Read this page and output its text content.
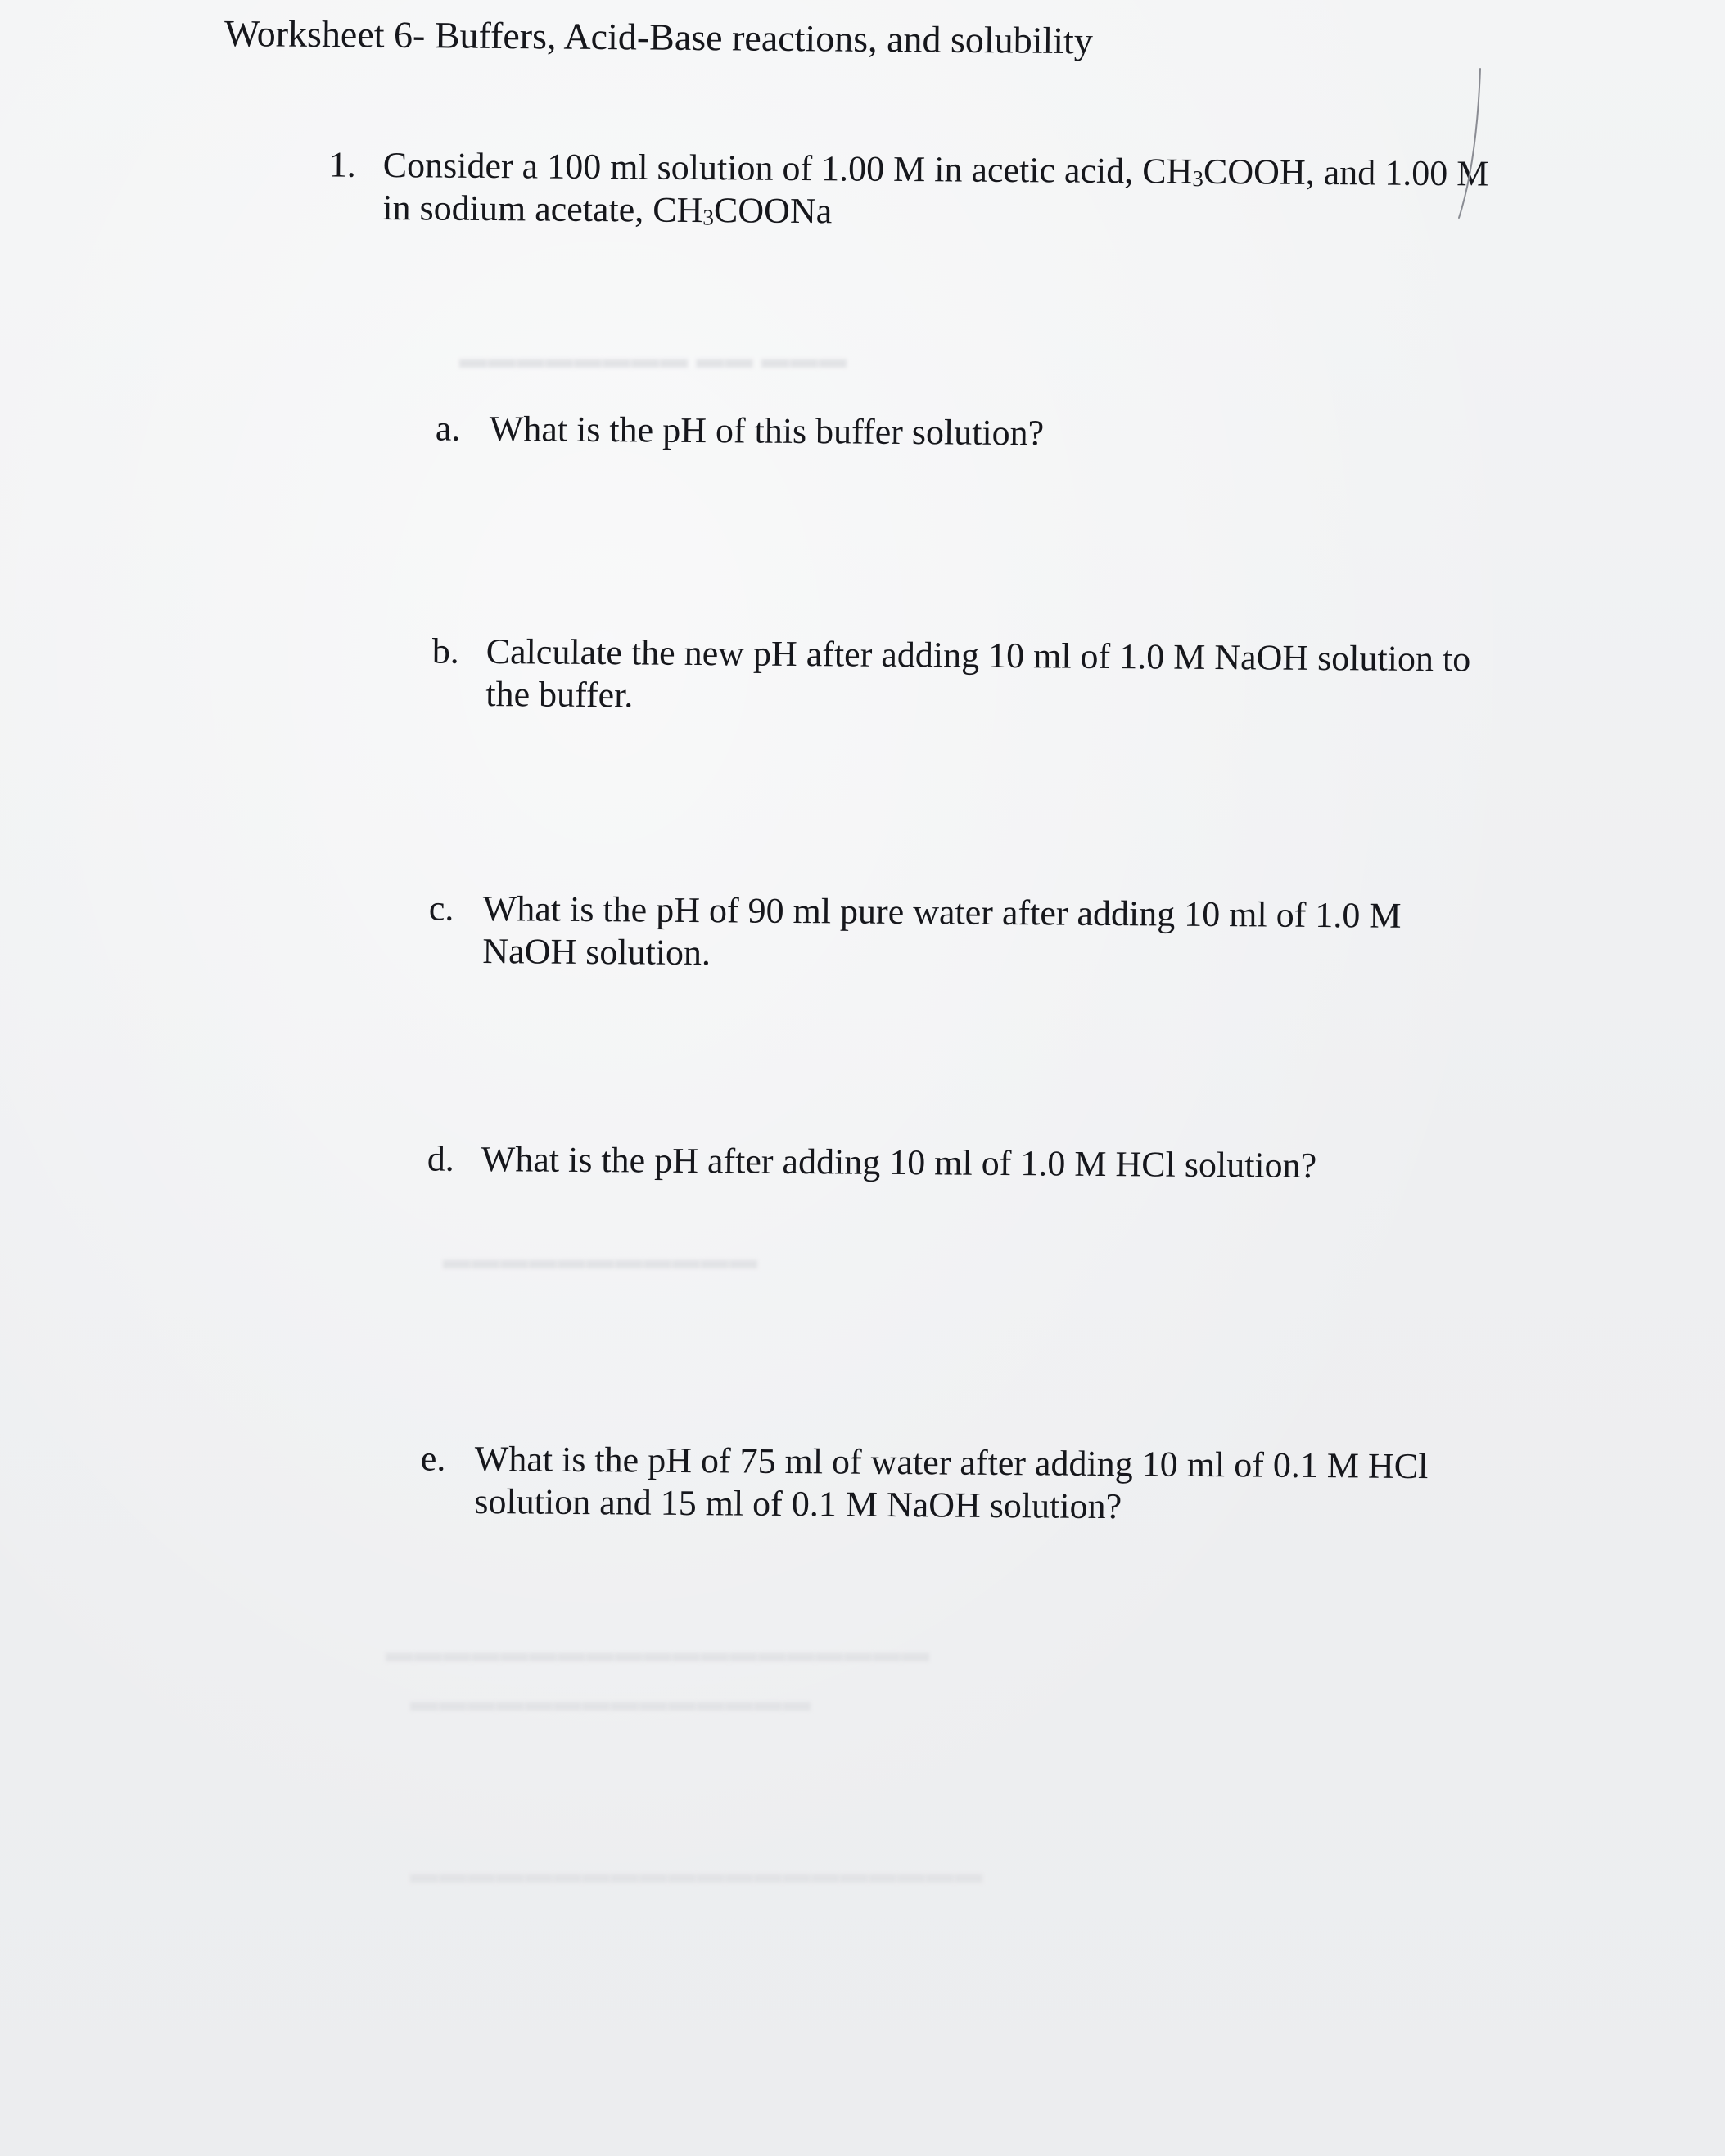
▬▬▬ ▬▬ ▬▬▬▬▬▬▬▬
▬▬▬▬▬▬▬▬▬▬▬
▬▬▬▬▬▬▬▬▬▬▬▬▬▬▬▬▬▬▬
▬▬▬▬▬▬▬▬▬▬▬▬▬▬
▬▬▬▬▬▬▬▬▬▬▬▬▬▬▬▬▬▬▬▬
Worksheet 6- Buffers, Acid-Base reactions, and solubility
1. Consider a 100 ml solution of 1.00 M in acetic acid, $CH_3COOH$, and 1.00 M in sodium acetate, $CH_3COONa$
a. What is the pH of this buffer solution?
b. Calculate the new pH after adding 10 ml of 1.0 M NaOH solution to the buffer.
c. What is the pH of 90 ml pure water after adding 10 ml of 1.0 M NaOH solution.
d. What is the pH after adding 10 ml of 1.0 M HCl solution?
e. What is the pH of 75 ml of water after adding 10 ml of 0.1 M HCl solution and 15 ml of 0.1 M NaOH solution?
